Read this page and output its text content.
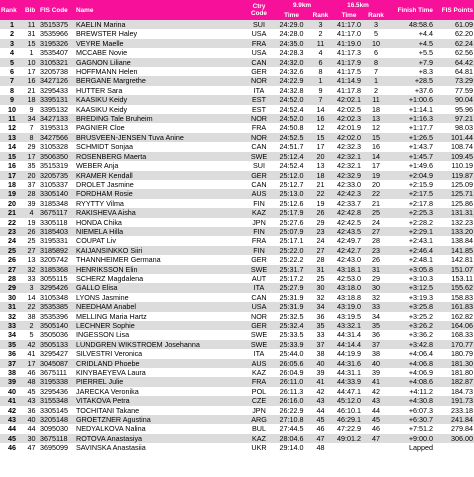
Rank	Bib	FIS Code	Name	Ctry Code	9.9km		16.5km		Finish Time	FIS Points
					Time	Rank	Time	Rank		
1	11	3515375	KAELIN Marina	SUI	24:29.0	3	41:17.0	3	48:58.6	61.09
2	31	3535966	BREWSTER Haley	USA	24:28.0	2	41:17.0	5	+4.4	62.20
3	15	3195326	VEYRE Maelle	FRA	24:35.0	11	41:19.0	10	+4.5	62.24
4	1	3535407	MCCABE Novie	USA	24:28.3	4	41:17.3	6	+5.5	62.56
5	10	3105321	GAGNON Liliane	CAN	24:32.0	6	41:17.9	8	+7.9	64.42
6	17	3205738	HOFFMANN Helen	GER	24:32.6	8	41:17.5	7	+8.3	64.81
7	16	3427126	BERGANE Margrethe	NOR	24:22.9	1	41:14.9	1	+28.5	73.29
8	21	3295433	HUTTER Sara	ITA	24:32.8	9	41:17.8	2	+37.6	77.59
9	18	3395131	KAASIKU Keidy	EST	24:52.0	7	42:02.1	11	+1:00.6	90.04
10	9	3395132	KAASIKU Keidy	EST	24:52.4	14	42:02.5	18	+1:14.1	95.96
11	34	3427133	BREDING Tale Bruheim	NOR	24:52.0	16	42:02.3	13	+1:16.3	97.21
12	7	3195313	PAGNIER Cloe	FRA	24:50.8	12	42:01.9	12	+1:17.7	98.03
13	8	3427566	BRUSVEEN-JENSEN Tuva Anine	NOR	24:52.5	15	42:02.0	15	+1:26.5	101.44
14	29	3105328	SCHMIDT Sonjaa	CAN	24:51.7	17	42:32.3	16	+1:43.7	108.74
15	17	3506350	ROSENBERG Maerta	SWE	25:12.4	20	42:32.1	14	+1:45.7	109.45
16	35	3515319	WEBER Anja	SUI	24:52.4	13	42:32.1	17	+1:49.6	110.19
17	20	3205735	KRAMER Kendall	GER	25:12.0	18	42:32.9	19	+2:04.9	119.87
18	37	3105337	DROLET Jasmine	CAN	25:12.7	21	42:33.0	20	+2:15.9	125.09
19	28	3305140	FORDHAM Rosie	AUS	25:13.0	22	42:42.3	22	+2:17.5	125.71
20	39	3185348	RYYTTY Vilma	FIN	25:12.6	19	42:33.7	21	+2:17.8	125.86
21	4	3675117	RAKISHEVA Aisha	KAZ	25:17.9	26	42:42.8	25	+2:25.3	131.31
22	19	3305118	HONDA Chika	JPN	25:27.6	29	42:42.5	24	+2:28.2	132.23
23	26	3185403	NIEMELA Hilla	FIN	25:07.9	23	42:43.5	27	+2:29.1	133.20
24	25	3195331	COUPAT Liv	FRA	25:17.1	24	42:49.7	28	+2:43.1	138.84
25	27	3185892	KAIJANSINKKO Siiri	FIN	25:22.0	27	42:42.7	23	+2:46.4	141.85
26	13	3205742	THANNHEIMER Germana	GER	25:22.2	28	42:43.0	26	+2:48.1	142.81
27	32	3185368	HENRIKSSON Elin	SWE	25:31.7	31	43:18.1	31	+3:05.8	151.07
28	33	3055115	SCHERZ Magdalena	AUT	25:17.2	25	42:53.0	29	+3:10.3	153.11
29	3	3295426	GALLO Elisa	ITA	25:27.9	30	43:18.0	30	+3:12.5	155.62
30	14	3105348	LYONS Jasmine	CAN	25:31.9	32	43:18.8	32	+3:19.3	158.83
31	22	3535385	NEEDHAM Anabel	USA	25:31.9	34	43:19.0	33	+3:25.8	161.83
32	38	3535396	MELLING Maria Hartz	NOR	25:32.5	36	43:19.5	34	+3:25.2	162.82
33	2	3505140	LECHNER Sophie	GER	25:32.4	35	43:32.1	35	+3:26.2	164.06
34	5	3505036	INGESSON Lisa	SWE	25:33.5	33	44:31.4	36	+3:36.2	168.33
35	42	3505133	LUNDGREN WIKSTROEM Josehanna	SWE	25:33.9	37	44:14.4	37	+3:42.8	170.77
36	41	3295427	SILVESTRI Veronica	ITA	25:44.0	38	44:19.9	38	+4:06.4	180.79
37	17	3045087	CRIDLAND Phoebe	AUS	26:05.6	40	44:31.6	40	+4:06.8	181.30
38	46	3675111	KINYBAEYEVA Laura	KAZ	26:04.9	39	44:31.1	39	+4:06.9	181.80
39	48	3195338	PIERREL Julie	FRA	26:11.0	41	44:33.9	41	+4:08.6	182.87
40	45	3295436	JARECKA Veronika	POL	26:11.3	42	44:47.1	42	+4:11.2	184.73
41	43	3155348	VITAKOVA Petra	CZE	26:16.0	43	45:12.0	43	+4:30.8	191.73
42	36	3305145	TOCHITANI Takane	JPN	26:22.9	44	46:10.1	44	+6:07.3	233.18
43	40	3205148	GROETZNER Agustina	ARG	27:10.8	45	46:29.1	45	+6:30.7	241.84
44	44	3095030	NEDYALKOVA Nalina	BUL	27:44.5	46	47:22.9	46	+7:51.2	279.84
45	30	3675118	ROTOVA Anastasiya	KAZ	28:04.6	47	49:01.2	47	+9:00.0	306.00
46	47	3695099	SAVINSKA Anastasiia	UKR	29:14.0	48			Lapped	
